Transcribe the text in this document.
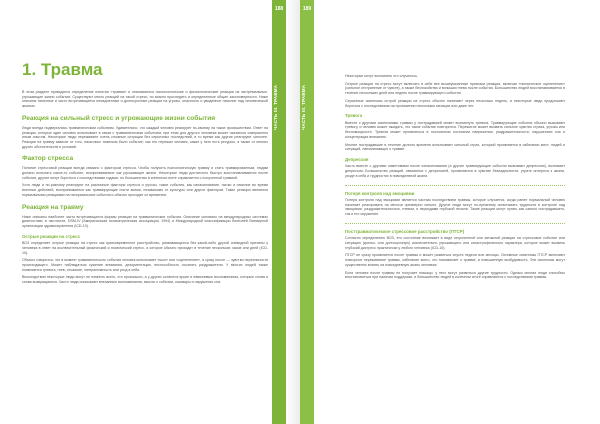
188
ЧАСТЬ III. ТРАВМА
1. Травма

В этом разделе приводятся определение понятия «травма» и описываются психологические и физиологические реакции на экстремальные, угрожающие жизни события. Существуют много реакций на такой стресс, но можно проследить и определенные общие закономерности. Ниже описаны типичные и часто встречающиеся немедленные и долгосрочные реакции на угрозы, опасность и увиденное насилие над человеческой жизнью.

Реакция на сильный стресс и угрожающие жизни события

Люди всегда подвергались травматическим событиям. Удивительно, что каждый человек реагирует по-своему на такие происшествия. Ответ на реакции, которые один человек испытывает в связи с травматическим событием, при этом для другого человека может оказаться совершенно иным опытом. Некоторые люди переживают очень сложные ситуации без серьезных последствий, в то время как другие реагируют сильнее. Реакции на травму зависят от того, насколько тяжелым было событие, как его пережил человек, какие у него есть ресурсы, а также от многих других обстоятельств и условий.

Фактор стресса

Понятие стрессовой реакции всегда связано с фактором стресса. Чтобы получить психологическую травму и стать травмированным, людям должно испытать какое-то событие, воспринимаемое как угрожающее жизни. Некоторые люди достаточно быстро восстанавливаются после события, другие могут бороться с последствиями годами, но большинство в конечном счете справляется с полученной травмой.

Хотя люди и по-разному реагируют на различные факторы стресса и угрозы, такие события, как изнасилование, пытки и насилие во время военных действий, воспринимаются как травмирующие почти всеми, независимо от культуры или других факторов. Такие реакции являются нормальными реакциями на ненормальные события и обычно проходят со временем.

Реакция на травму

Ниже описаны наиболее часто встречающиеся формы реакции на травматические события. Описание основано на международных системах диагностики, в частности, DSM-IV (Американская психиатрическая ассоциация, 1994) и Международной классификации болезней Всемирной организации здравоохранения (ICD-10).

Острые реакции на стресс

ВОЗ определяет острые реакции на стресс как кратковременное расстройство, развивающееся без какой-либо другой очевидной причины у человека в ответ на исключительный физический и психический стресс, и которое обычно проходит в течение нескольких часов или дней (ICD-10).

Обычно говорится, что в момент травматического события человек испытывает «шок» или «оцепенение», а сразу после — чувство нереальности происходящего. Может наблюдаться сужение внимания, дезориентация, неспособность осознать раздражители. У многих людей также появляются тревога, гнев, отчаяние, гиперактивность или уход в себя.

Впоследствии некоторые люди могут не помнить всего, что произошло, а у других остаются яркие и навязчивые воспоминания, которые снова и снова возвращаются. Часто люди описывают внезапные воспоминания, мысли о событии, кошмары и нарушения сна.

189
ЧАСТЬ III. ТРАВМА

Некоторые могут вспомнить что случилось.

Острые реакции на стресс могут включать в себя все вышеуказанные признаки реакции, включая «психическое оцепенение» (сильное отстранение от чувств), а также беспокойство и вспышки гнева после события. Большинство людей восстанавливается в течение нескольких дней или недель после травмирующего события.

Серьезные симптомы острой реакции на стресс обычно начинают через несколько недель, и некоторые люди продолжают бороться с последствиями на протяжении нескольких месяцев или даже лет.

Тревога

Вместе с другими симптомами травмы у пострадавшей может возникнуть тревога. Травмирующие события обычно вызывают тревогу, и человек может ожидать, что такое событие повторится. Пережитое может вызвать сильное чувство страха, угрозы или беспомощности. Тревога может проявляться в постоянном состоянии напряжения, раздражительности, нарушениях сна и концентрации внимания.

Многие пострадавшие в течение долгого времени испытывают сильный страх, который проявляется в избегании мест, людей и ситуаций, напоминающих о травме.

Депрессия

Часто вместе с другими симптомами после изнасилования (а другие травмирующие события вызывают депрессию), возникает депрессия. Большинство реакций, связанных с депрессией, проявляются в чувстве безнадежности, утрате интереса к жизни, уходе в себя и трудностях в повседневной жизни.

Потеря контроля над эмоциями

Потеря контроля над эмоциями является частым последствием травмы, которое случается, когда ранее нормальный человек начинает реагировать на мелочи чрезмерно сильно. Другие люди могут по-прежнему испытывать трудности в контроле над эмоциями, раздражительностью, гневом, и периодами глубокой печали. Такие реакции могут пугать как самого пострадавшего, так и его окружение.

Посттравматическое стрессовое расстройство (ПТСР)

Согласно определению ВОЗ, это состояние возникает в виде отсроченной или затяжной реакции на стрессовое событие или ситуацию (кратко- или долгосрочную) исключительно угрожающего или катастрофического характера, которое может вызвать глубокий дистресс практически у любого человека (ICD-10).

ПТСР не сразу проявляется после травмы и может развиться спустя недели или месяцы. Основные симптомы ПТСР включают повторное переживание травмы, избегание всего, что напоминает о травме, и повышенную возбудимость. Эти симптомы могут существенно влиять на повседневную жизнь человека.

Если человек после травмы не получает помощи, у него могут развиться другие трудности. Однако многие люди способны восстановиться при наличии поддержки, и большинство людей в конечном итоге справляются с последствиями травмы.
